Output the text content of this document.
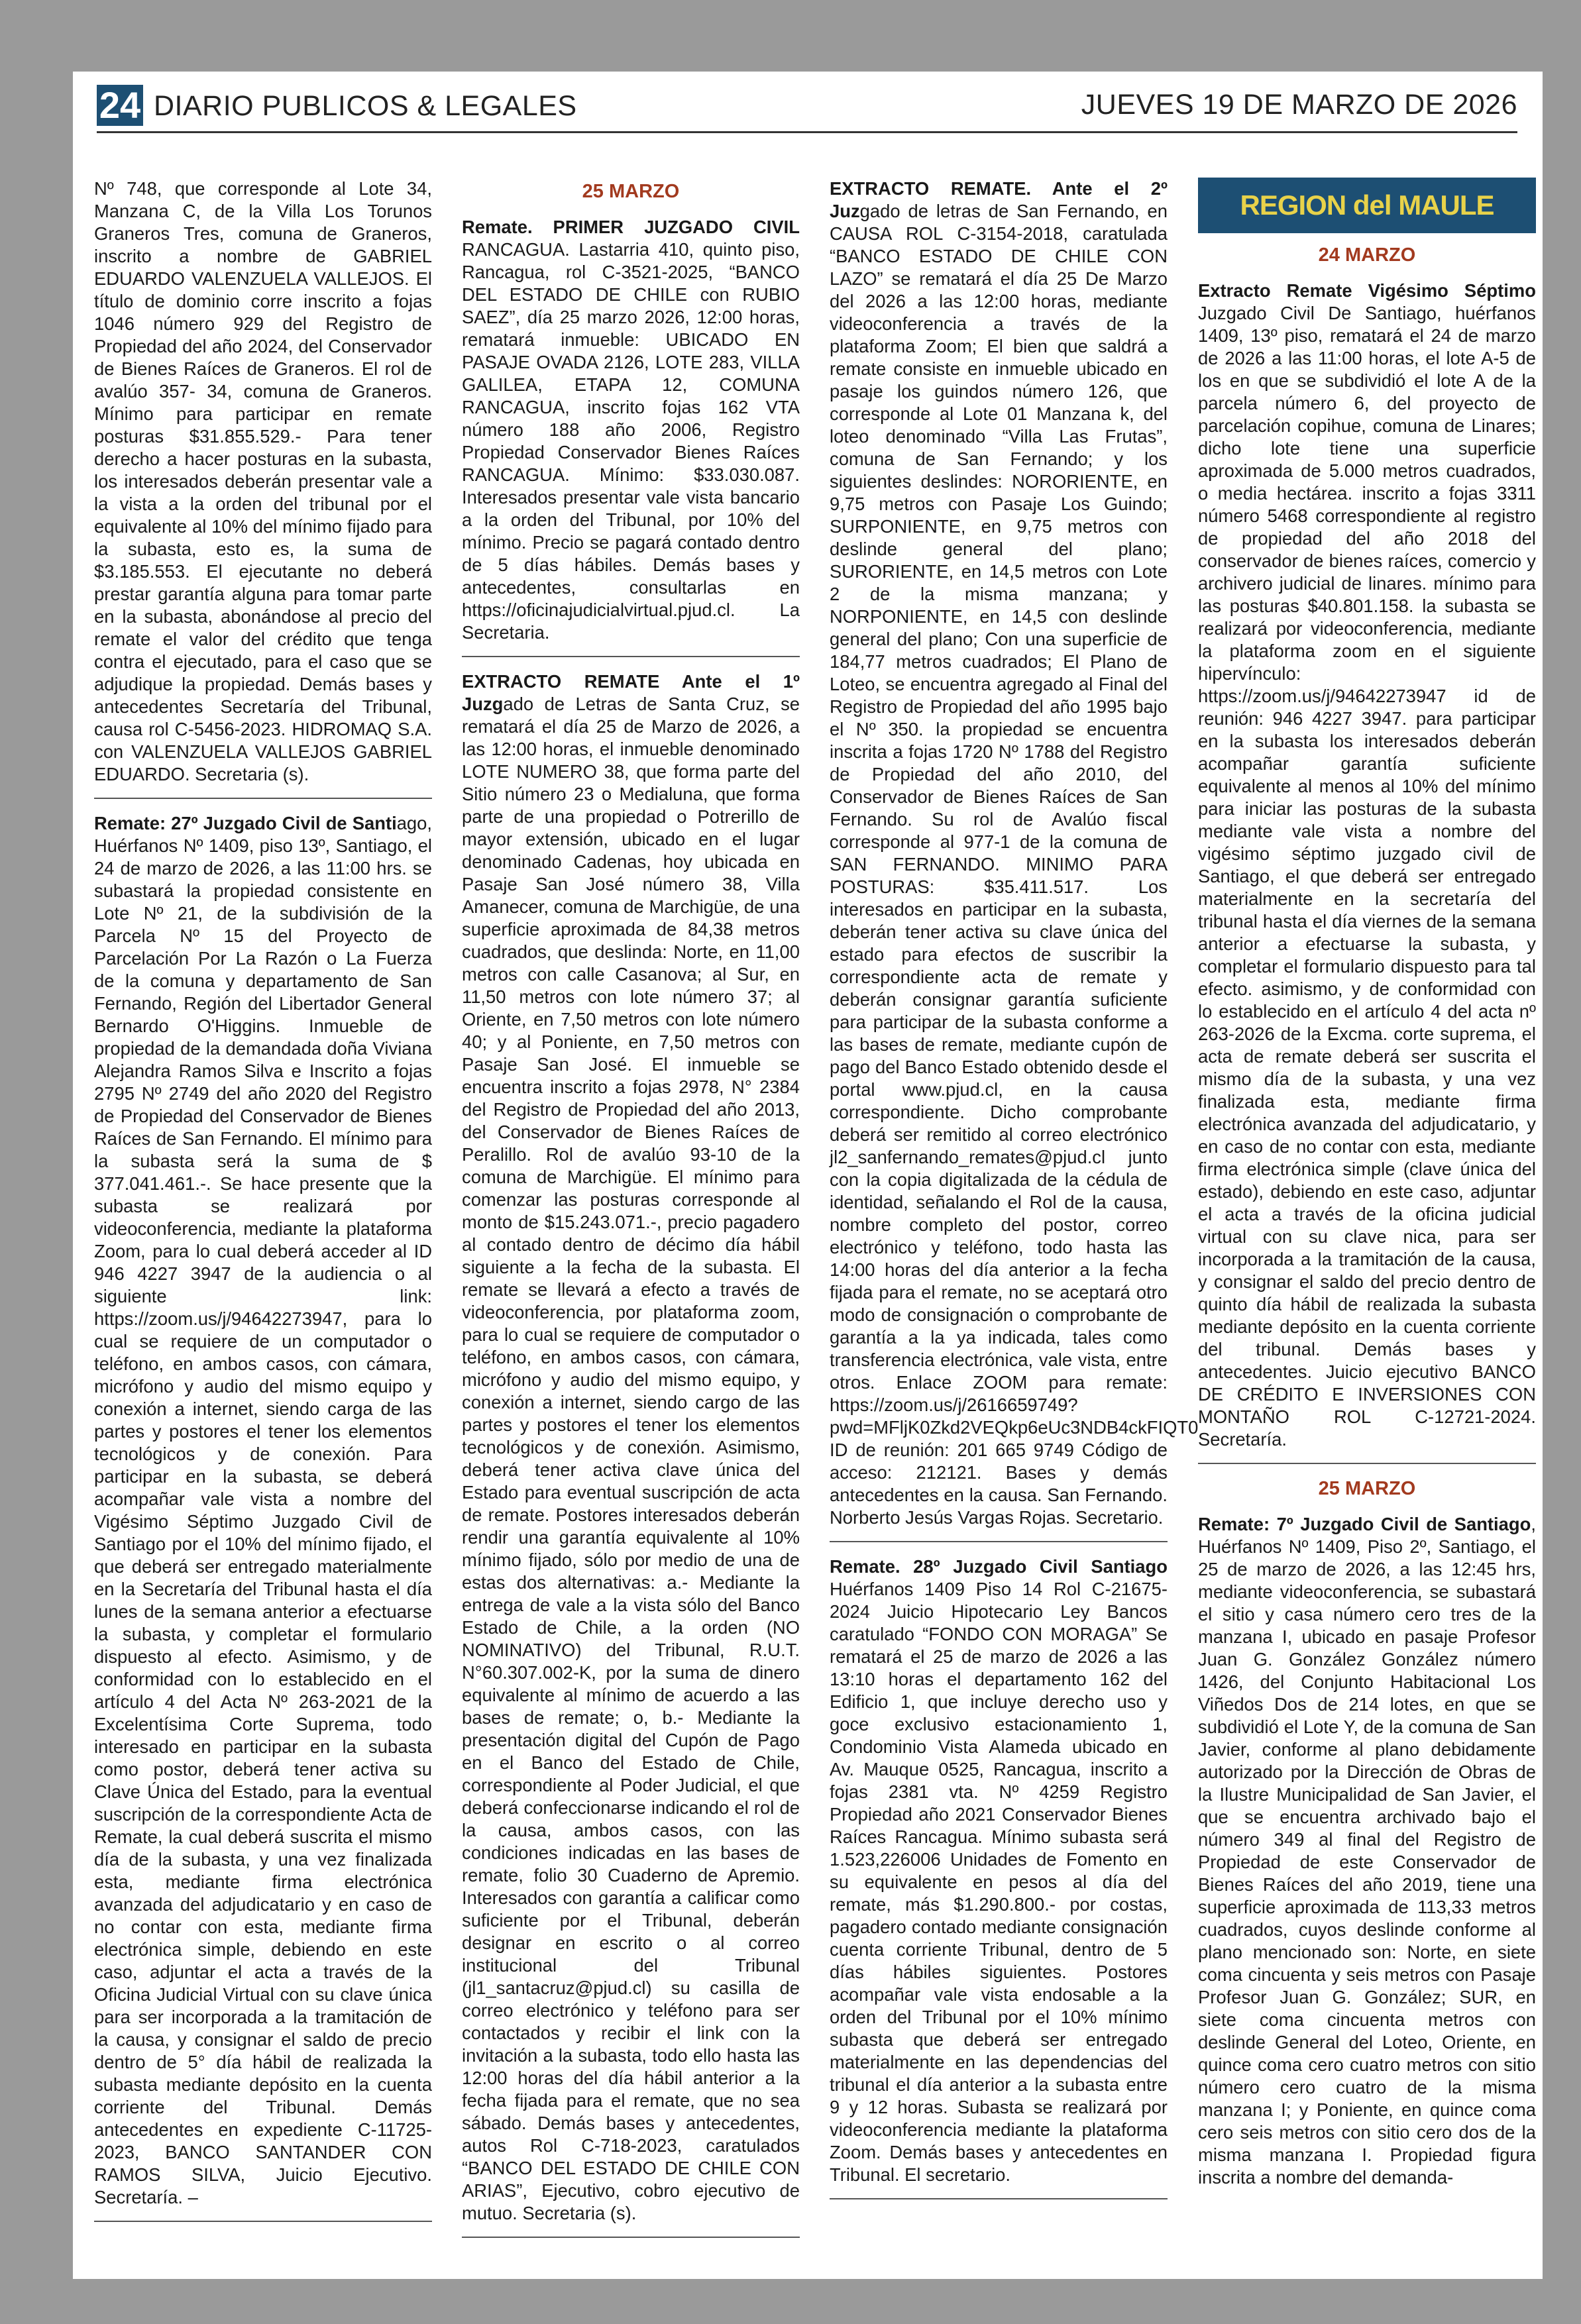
24 DIARIO PUBLICOS & LEGALES	JUEVES 19 DE MARZO DE 2026

Nº 748, que corresponde al Lote 34, Manzana C, de la Villa Los Torunos Graneros Tres, comuna de Graneros, inscrito a nombre de GABRIEL EDUARDO VALENZUELA VALLEJOS. El título de dominio corre inscrito a fojas 1046 número 929 del Registro de Propiedad del año 2024, del Conservador de Bienes Raíces de Graneros. El rol de avalúo 357- 34, comuna de Graneros. Mínimo para participar en remate posturas $31.855.529.- Para tener derecho a hacer posturas en la subasta, los interesados deberán presentar vale a la vista a la orden del tribunal por el equivalente al 10% del mínimo fijado para la subasta, esto es, la suma de $3.185.553. El ejecutante no deberá prestar garantía alguna para tomar parte en la subasta, abonándose al precio del remate el valor del crédito que tenga contra el ejecutado, para el caso que se adjudique la propiedad. Demás bases y antecedentes Secretaría del Tribunal, causa rol C-5456-2023. HIDROMAQ S.A. con VALENZUELA VALLEJOS GABRIEL EDUARDO. Secretaria (s).

Remate: 27º Juzgado Civil de Santiago, Huérfanos Nº 1409, piso 13º, Santiago, el 24 de marzo de 2026, a las 11:00 hrs. se subastará la propiedad consistente en Lote Nº 21, de la subdivisión de la Parcela Nº 15 del Proyecto de Parcelación Por La Razón o La Fuerza de la comuna y departamento de San Fernando, Región del Libertador General Bernardo O'Higgins. Inmueble de propiedad de la demandada doña Viviana Alejandra Ramos Silva e Inscrito a fojas 2795 Nº 2749 del año 2020 del Registro de Propiedad del Conservador de Bienes Raíces de San Fernando. El mínimo para la subasta será la suma de $ 377.041.461.-. Se hace presente que la subasta se realizará por videoconferencia, mediante la plataforma Zoom, para lo cual deberá acceder al ID 946 4227 3947 de la audiencia o al siguiente link: https://zoom.us/j/94642273947, para lo cual se requiere de un computador o teléfono, en ambos casos, con cámara, micrófono y audio del mismo equipo y conexión a internet, siendo carga de las partes y postores el tener los elementos tecnológicos y de conexión. Para participar en la subasta, se deberá acompañar vale vista a nombre del Vigésimo Séptimo Juzgado Civil de Santiago por el 10% del mínimo fijado, el que deberá ser entregado materialmente en la Secretaría del Tribunal hasta el día lunes de la semana anterior a efectuarse la subasta, y completar el formulario dispuesto al efecto. Asimismo, y de conformidad con lo establecido en el artículo 4 del Acta Nº 263-2021 de la Excelentísima Corte Suprema, todo interesado en participar en la subasta como postor, deberá tener activa su Clave Única del Estado, para la eventual suscripción de la correspondiente Acta de Remate, la cual deberá suscrita el mismo día de la subasta, y una vez finalizada esta, mediante firma electrónica avanzada del adjudicatario y en caso de no contar con esta, mediante firma electrónica simple, debiendo en este caso, adjuntar el acta a través de la Oficina Judicial Virtual con su clave única para ser incorporada a la tramitación de la causa, y consignar el saldo de precio dentro de 5° día hábil de realizada la subasta mediante depósito en la cuenta corriente del Tribunal. Demás antecedentes en expediente C-11725-2023, BANCO SANTANDER CON RAMOS SILVA, Juicio Ejecutivo. Secretaría. –

25 MARZO

Remate. PRIMER JUZGADO CIVIL RANCAGUA. Lastarria 410, quinto piso, Rancagua, rol C-3521-2025, “BANCO DEL ESTADO DE CHILE con RUBIO SAEZ”, día 25 marzo 2026, 12:00 horas, rematará inmueble: UBICADO EN PASAJE OVADA 2126, LOTE 283, VILLA GALILEA, ETAPA 12, COMUNA RANCAGUA, inscrito fojas 162 VTA número 188 año 2006, Registro Propiedad Conservador Bienes Raíces RANCAGUA. Mínimo: $33.030.087. Interesados presentar vale vista bancario a la orden del Tribunal, por 10% del mínimo. Precio se pagará contado dentro de 5 días hábiles. Demás bases y antecedentes, consultarlas en https://oficinajudicialvirtual.pjud.cl. La Secretaria.

EXTRACTO REMATE Ante el 1º Juzgado de Letras de Santa Cruz, se rematará el día 25 de Marzo de 2026, a las 12:00 horas, el inmueble denominado LOTE NUMERO 38, que forma parte del Sitio número 23 o Medialuna, que forma parte de una propiedad o Potrerillo de mayor extensión, ubicado en el lugar denominado Cadenas, hoy ubicada en Pasaje San José número 38, Villa Amanecer, comuna de Marchigüe, de una superficie aproximada de 84,38 metros cuadrados, que deslinda: Norte, en 11,00 metros con calle Casanova; al Sur, en 11,50 metros con lote número 37; al Oriente, en 7,50 metros con lote número 40; y al Poniente, en 7,50 metros con Pasaje San José. El inmueble se encuentra inscrito a fojas 2978, N° 2384 del Registro de Propiedad del año 2013, del Conservador de Bienes Raíces de Peralillo. Rol de avalúo 93-10 de la comuna de Marchigüe. El mínimo para comenzar las posturas corresponde al monto de $15.243.071.-, precio pagadero al contado dentro de décimo día hábil siguiente a la fecha de la subasta. El remate se llevará a efecto a través de videoconferencia, por plataforma zoom, para lo cual se requiere de computador o teléfono, en ambos casos, con cámara, micrófono y audio del mismo equipo, y conexión a internet, siendo cargo de las partes y postores el tener los elementos tecnológicos y de conexión. Asimismo, deberá tener activa clave única del Estado para eventual suscripción de acta de remate. Postores interesados deberán rendir una garantía equivalente al 10% mínimo fijado, sólo por medio de una de estas dos alternativas: a.- Mediante la entrega de vale a la vista sólo del Banco Estado de Chile, a la orden (NO NOMINATIVO) del Tribunal, R.U.T. N°60.307.002-K, por la suma de dinero equivalente al mínimo de acuerdo a las bases de remate; o, b.- Mediante la presentación digital del Cupón de Pago en el Banco del Estado de Chile, correspondiente al Poder Judicial, el que deberá confeccionarse indicando el rol de la causa, ambos casos, con las condiciones indicadas en las bases de remate, folio 30 Cuaderno de Apremio. Interesados con garantía a calificar como suficiente por el Tribunal, deberán designar en escrito o al correo institucional del Tribunal (jl1_santacruz@pjud.cl) su casilla de correo electrónico y teléfono para ser contactados y recibir el link con la invitación a la subasta, todo ello hasta las 12:00 horas del día hábil anterior a la fecha fijada para el remate, que no sea sábado. Demás bases y antecedentes, autos Rol C-718-2023, caratulados “BANCO DEL ESTADO DE CHILE CON ARIAS”, Ejecutivo, cobro ejecutivo de mutuo. Secretaria (s).

EXTRACTO REMATE. Ante el 2º Juzgado de letras de San Fernando, en CAUSA ROL C-3154-2018, caratulada “BANCO ESTADO DE CHILE CON LAZO” se rematará el día 25 De Marzo del 2026 a las 12:00 horas, mediante videoconferencia a través de la plataforma Zoom; El bien que saldrá a remate consiste en inmueble ubicado en pasaje los guindos número 126, que corresponde al Lote 01 Manzana k, del loteo denominado “Villa Las Frutas”, comuna de San Fernando; y los siguientes deslindes: NORORIENTE, en 9,75 metros con Pasaje Los Guindo; SURPONIENTE, en 9,75 metros con deslinde general del plano; SURORIENTE, en 14,5 metros con Lote 2 de la misma manzana; y NORPONIENTE, en 14,5 con deslinde general del plano; Con una superficie de 184,77 metros cuadrados; El Plano de Loteo, se encuentra agregado al Final del Registro de Propiedad del año 1995 bajo el Nº 350. la propiedad se encuentra inscrita a fojas 1720 Nº 1788 del Registro de Propiedad del año 2010, del Conservador de Bienes Raíces de San Fernando. Su rol de Avalúo fiscal corresponde al 977-1 de la comuna de SAN FERNANDO. MINIMO PARA POSTURAS: $35.411.517. Los interesados en participar en la subasta, deberán tener activa su clave única del estado para efectos de suscribir la correspondiente acta de remate y deberán consignar garantía suficiente para participar de la subasta conforme a las bases de remate, mediante cupón de pago del Banco Estado obtenido desde el portal www.pjud.cl, en la causa correspondiente. Dicho comprobante deberá ser remitido al correo electrónico jl2_sanfernando_remates@pjud.cl junto con la copia digitalizada de la cédula de identidad, señalando el Rol de la causa, nombre completo del postor, correo electrónico y teléfono, todo hasta las 14:00 horas del día anterior a la fecha fijada para el remate, no se aceptará otro modo de consignación o comprobante de garantía a la ya indicada, tales como transferencia electrónica, vale vista, entre otros. Enlace ZOOM para remate: https://zoom.us/j/2616659749?pwd=MFljK0Zkd2VEQkp6eUc3NDB4ckFIQT0 ID de reunión: 201 665 9749 Código de acceso: 212121. Bases y demás antecedentes en la causa. San Fernando. Norberto Jesús Vargas Rojas. Secretario.

Remate. 28º Juzgado Civil Santiago Huérfanos 1409 Piso 14 Rol C-21675-2024 Juicio Hipotecario Ley Bancos caratulado “FONDO CON MORAGA” Se rematará el 25 de marzo de 2026 a las 13:10 horas el departamento 162 del Edificio 1, que incluye derecho uso y goce exclusivo estacionamiento 1, Condominio Vista Alameda ubicado en Av. Mauque 0525, Rancagua, inscrito a fojas 2381 vta. Nº 4259 Registro Propiedad año 2021 Conservador Bienes Raíces Rancagua. Mínimo subasta será 1.523,226006 Unidades de Fomento en su equivalente en pesos al día del remate, más $1.290.800.- por costas, pagadero contado mediante consignación cuenta corriente Tribunal, dentro de 5 días hábiles siguientes. Postores acompañar vale vista endosable a la orden del Tribunal por el 10% mínimo subasta que deberá ser entregado materialmente en las dependencias del tribunal el día anterior a la subasta entre 9 y 12 horas. Subasta se realizará por videoconferencia mediante la plataforma Zoom. Demás bases y antecedentes en Tribunal. El secretario.

REGION del MAULE
24 MARZO

Extracto Remate Vigésimo Séptimo Juzgado Civil De Santiago, huérfanos 1409, 13º piso, rematará el 24 de marzo de 2026 a las 11:00 horas, el lote A-5 de los en que se subdividió el lote A de la parcela número 6, del proyecto de parcelación copihue, comuna de Linares; dicho lote tiene una superficie aproximada de 5.000 metros cuadrados, o media hectárea. inscrito a fojas 3311 número 5468 correspondiente al registro de propiedad del año 2018 del conservador de bienes raíces, comercio y archivero judicial de linares. mínimo para las posturas $40.801.158. la subasta se realizará por videoconferencia, mediante la plataforma zoom en el siguiente hipervínculo: https://zoom.us/j/94642273947 id de reunión: 946 4227 3947. para participar en la subasta los interesados deberán acompañar garantía suficiente equivalente al menos al 10% del mínimo para iniciar las posturas de la subasta mediante vale vista a nombre del vigésimo séptimo juzgado civil de Santiago, el que deberá ser entregado materialmente en la secretaría del tribunal hasta el día viernes de la semana anterior a efectuarse la subasta, y completar el formulario dispuesto para tal efecto. asimismo, y de conformidad con lo establecido en el artículo 4 del acta nº 263-2026 de la Excma. corte suprema, el acta de remate deberá ser suscrita el mismo día de la subasta, y una vez finalizada esta, mediante firma electrónica avanzada del adjudicatario, y en caso de no contar con esta, mediante firma electrónica simple (clave única del estado), debiendo en este caso, adjuntar el acta a través de la oficina judicial virtual con su clave nica, para ser incorporada a la tramitación de la causa, y consignar el saldo del precio dentro de quinto día hábil de realizada la subasta mediante depósito en la cuenta corriente del tribunal. Demás bases y antecedentes. Juicio ejecutivo BANCO DE CRÉDITO E INVERSIONES CON MONTAÑO ROL C-12721-2024. Secretaría.

25 MARZO

Remate: 7º Juzgado Civil de Santiago, Huérfanos Nº 1409, Piso 2º, Santiago, el 25 de marzo de 2026, a las 12:45 hrs, mediante videoconferencia, se subastará el sitio y casa número cero tres de la manzana I, ubicado en pasaje Profesor Juan G. González González número 1426, del Conjunto Habitacional Los Viñedos Dos de 214 lotes, en que se subdividió el Lote Y, de la comuna de San Javier, conforme al plano debidamente autorizado por la Dirección de Obras de la Ilustre Municipalidad de San Javier, el que se encuentra archivado bajo el número 349 al final del Registro de Propiedad de este Conservador de Bienes Raíces del año 2019, tiene una superficie aproximada de 113,33 metros cuadrados, cuyos deslinde conforme al plano mencionado son: Norte, en siete coma cincuenta y seis metros con Pasaje Profesor Juan G. González; SUR, en siete coma cincuenta metros con deslinde General del Loteo, Oriente, en quince coma cero cuatro metros con sitio número cero cuatro de la misma manzana I; y Poniente, en quince coma cero seis metros con sitio cero dos de la misma manzana I. Propiedad figura inscrita a nombre del demanda-
